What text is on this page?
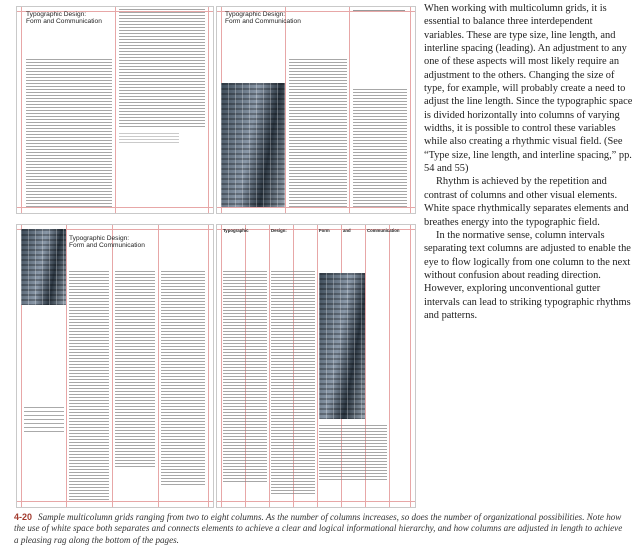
Typographic Design:
Form and Communication
Typographic Design:
Form and Communication
Typographic Design:
Form and Communication
Typographic	Design:	Form	and	Communication

When working with multicolumn grids, it is essential to balance three interdependent variables. These are type size, line length, and interline spacing (leading). An adjustment to any one of these aspects will most likely require an adjustment to the others. Changing the size of type, for example, will probably create a need to adjust the line length. Since the typographic space is divided horizontally into columns of varying widths, it is possible to control these variables while also creating a rhythmic visual field. (See “Type size, line length, and interline spacing,” pp. 54 and 55)

Rhythm is achieved by the repetition and contrast of columns and other visual elements. White space rhythmically separates elements and breathes energy into the typographic field.

In the normative sense, column intervals separating text columns are adjusted to enable the eye to flow logically from one column to the next without confusion about reading direction. However, exploring unconventional gutter intervals can lead to striking typographic rhythms and patterns.

4-20 Sample multicolumn grids ranging from two to eight columns. As the number of columns increases, so does the number of organizational possibilities. Note how the use of white space both separates and connects elements to achieve a clear and logical informational hierarchy, and how columns are adjusted in length to achieve a pleasing rag along the bottom of the pages.
